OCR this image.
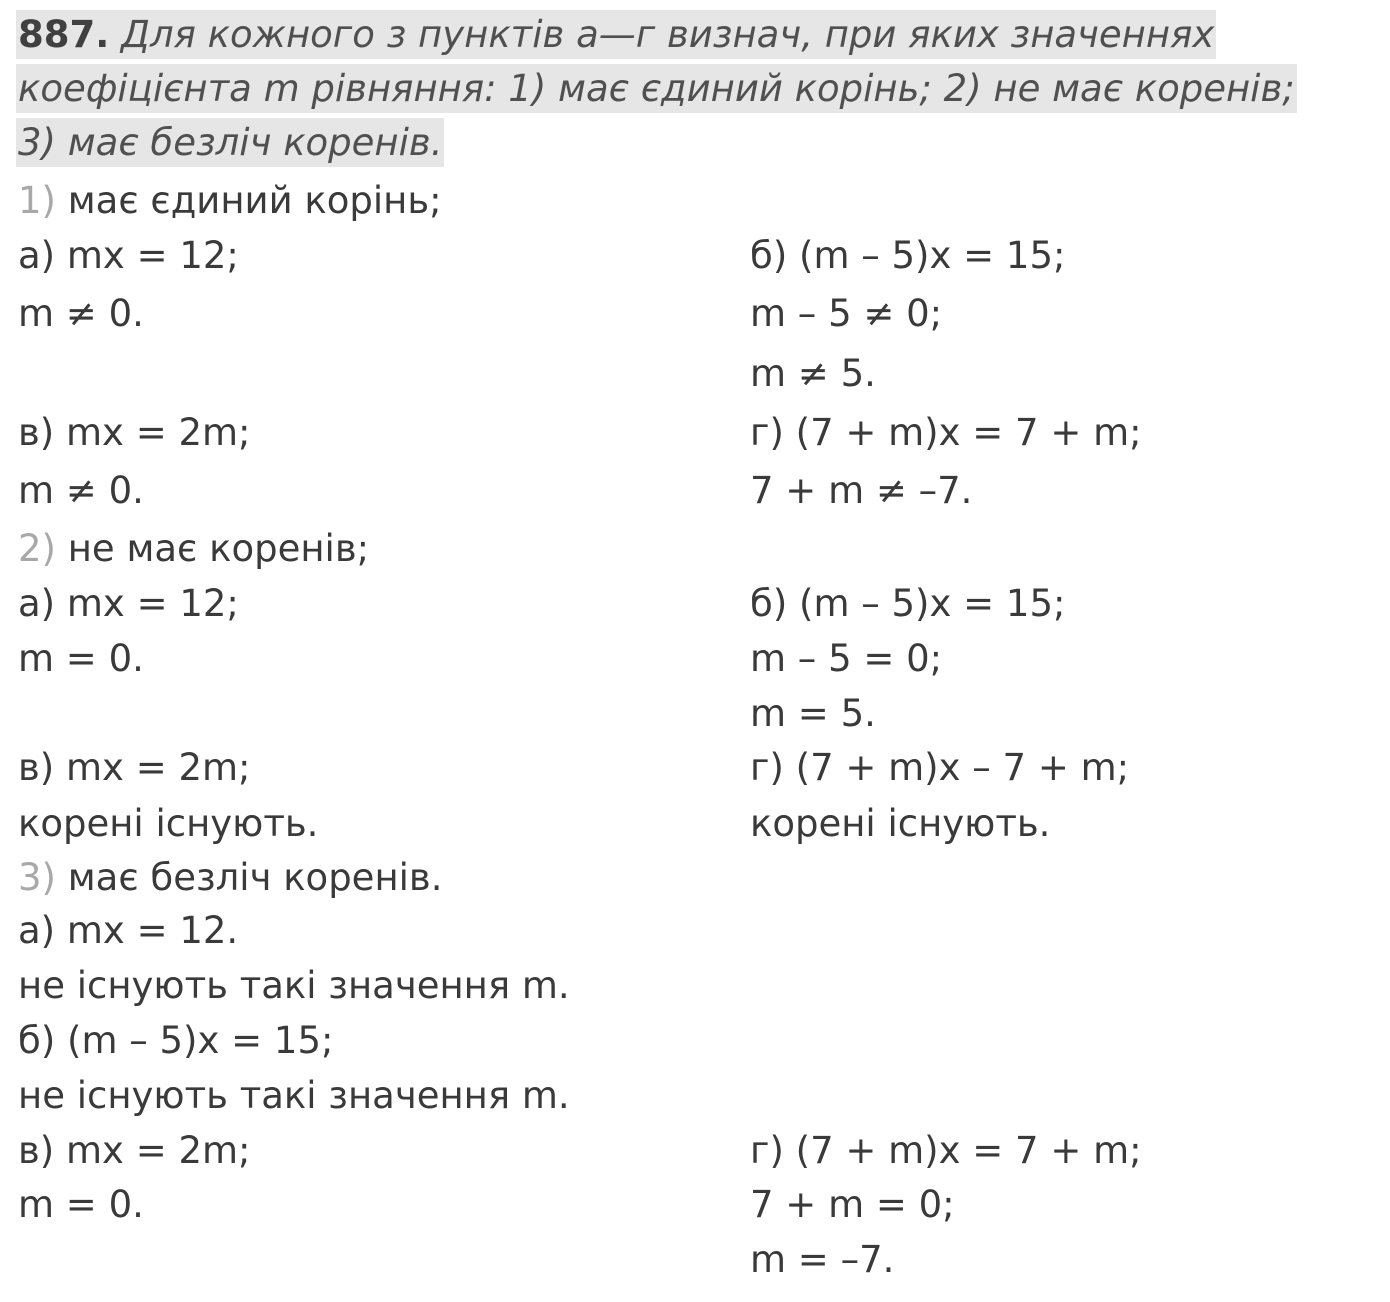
887. Для кожного з пунктів а—г визнач, при яких значеннях
коефіцієнта m рівняння: 1) має єдиний корінь; 2) не має коренів;
3) має безліч коренів.
1) має єдиний корінь;
а) mx = 12;
m ≠ 0.
б) (m – 5)x = 15;
m – 5 ≠ 0;
m ≠ 5.
в) mx = 2m;
m ≠ 0.
г) (7 + m)x = 7 + m;
7 + m ≠ –7.
2) не має коренів;
а) mx = 12;
m = 0.
б) (m – 5)x = 15;
m – 5 = 0;
m = 5.
в) mx = 2m;
корені існують.
г) (7 + m)x – 7 + m;
корені існують.
3) має безліч коренів.
а) mx = 12.
не існують такі значення m.
б) (m – 5)x = 15;
не існують такі значення m.
в) mx = 2m;
m = 0.
г) (7 + m)x = 7 + m;
7 + m = 0;
m = –7.
